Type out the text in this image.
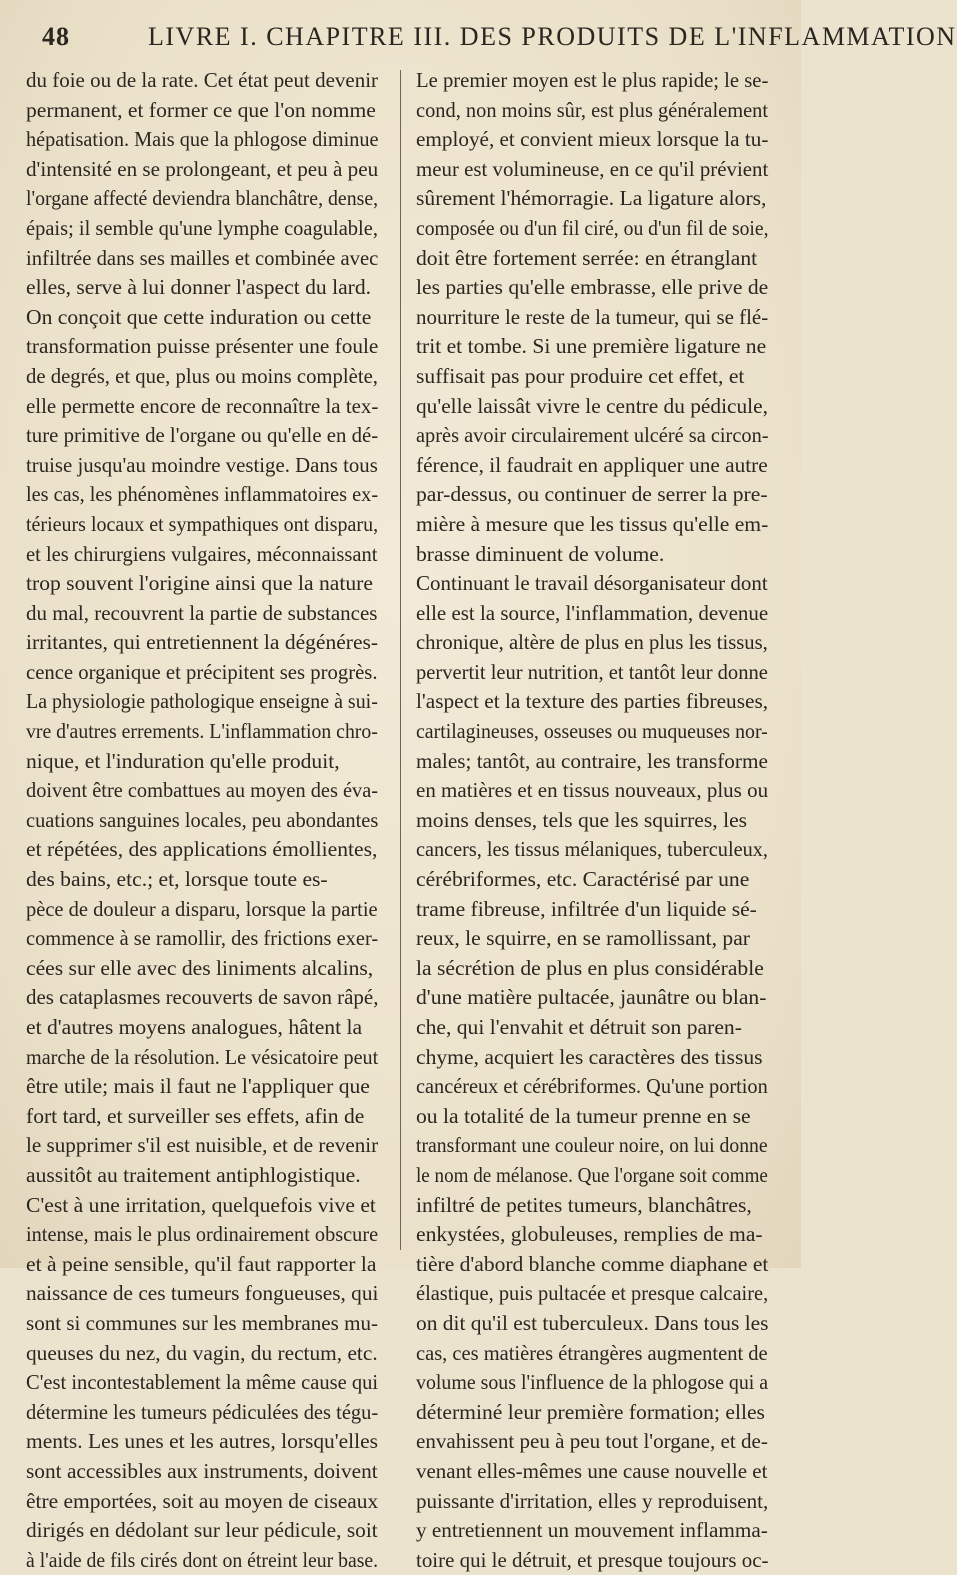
48	LIVRE I. CHAPITRE III. DES PRODUITS DE L'INFLAMMATION
du foie ou de la rate. Cet état peut devenir
permanent, et former ce que l'on nomme
hépatisation. Mais que la phlogose diminue
d'intensité en se prolongeant, et peu à peu
l'organe affecté deviendra blanchâtre, dense,
épais; il semble qu'une lymphe coagulable,
infiltrée dans ses mailles et combinée avec
elles, serve à lui donner l'aspect du lard.
On conçoit que cette induration ou cette
transformation puisse présenter une foule
de degrés, et que, plus ou moins complète,
elle permette encore de reconnaître la tex-
ture primitive de l'organe ou qu'elle en dé-
truise jusqu'au moindre vestige. Dans tous
les cas, les phénomènes inflammatoires ex-
térieurs locaux et sympathiques ont disparu,
et les chirurgiens vulgaires, méconnaissant
trop souvent l'origine ainsi que la nature
du mal, recouvrent la partie de substances
irritantes, qui entretiennent la dégénéres-
cence organique et précipitent ses progrès.
La physiologie pathologique enseigne à sui-
vre d'autres errements. L'inflammation chro-
nique, et l'induration qu'elle produit,
doivent être combattues au moyen des éva-
cuations sanguines locales, peu abondantes
et répétées, des applications émollientes,
des bains, etc.; et, lorsque toute es-
pèce de douleur a disparu, lorsque la partie
commence à se ramollir, des frictions exer-
cées sur elle avec des liniments alcalins,
des cataplasmes recouverts de savon râpé,
et d'autres moyens analogues, hâtent la
marche de la résolution. Le vésicatoire peut
être utile; mais il faut ne l'appliquer que
fort tard, et surveiller ses effets, afin de
le supprimer s'il est nuisible, et de revenir
aussitôt au traitement antiphlogistique.
C'est à une irritation, quelquefois vive et
intense, mais le plus ordinairement obscure
et à peine sensible, qu'il faut rapporter la
naissance de ces tumeurs fongueuses, qui
sont si communes sur les membranes mu-
queuses du nez, du vagin, du rectum, etc.
C'est incontestablement la même cause qui
détermine les tumeurs pédiculées des tégu-
ments. Les unes et les autres, lorsqu'elles
sont accessibles aux instruments, doivent
être emportées, soit au moyen de ciseaux
dirigés en dédolant sur leur pédicule, soit
à l'aide de fils cirés dont on étreint leur base.
Le premier moyen est le plus rapide; le se-
cond, non moins sûr, est plus généralement
employé, et convient mieux lorsque la tu-
meur est volumineuse, en ce qu'il prévient
sûrement l'hémorragie. La ligature alors,
composée ou d'un fil ciré, ou d'un fil de soie,
doit être fortement serrée: en étranglant
les parties qu'elle embrasse, elle prive de
nourriture le reste de la tumeur, qui se flé-
trit et tombe. Si une première ligature ne
suffisait pas pour produire cet effet, et
qu'elle laissât vivre le centre du pédicule,
après avoir circulairement ulcéré sa circon-
férence, il faudrait en appliquer une autre
par-dessus, ou continuer de serrer la pre-
mière à mesure que les tissus qu'elle em-
brasse diminuent de volume.
Continuant le travail désorganisateur dont
elle est la source, l'inflammation, devenue
chronique, altère de plus en plus les tissus,
pervertit leur nutrition, et tantôt leur donne
l'aspect et la texture des parties fibreuses,
cartilagineuses, osseuses ou muqueuses nor-
males; tantôt, au contraire, les transforme
en matières et en tissus nouveaux, plus ou
moins denses, tels que les squirres, les
cancers, les tissus mélaniques, tuberculeux,
cérébriformes, etc. Caractérisé par une
trame fibreuse, infiltrée d'un liquide sé-
reux, le squirre, en se ramollissant, par
la sécrétion de plus en plus considérable
d'une matière pultacée, jaunâtre ou blan-
che, qui l'envahit et détruit son paren-
chyme, acquiert les caractères des tissus
cancéreux et cérébriformes. Qu'une portion
ou la totalité de la tumeur prenne en se
transformant une couleur noire, on lui donne
le nom de mélanose. Que l'organe soit comme
infiltré de petites tumeurs, blanchâtres,
enkystées, globuleuses, remplies de ma-
tière d'abord blanche comme diaphane et
élastique, puis pultacée et presque calcaire,
on dit qu'il est tuberculeux. Dans tous les
cas, ces matières étrangères augmentent de
volume sous l'influence de la phlogose qui a
déterminé leur première formation; elles
envahissent peu à peu tout l'organe, et de-
venant elles-mêmes une cause nouvelle et
puissante d'irritation, elles y reproduisent,
y entretiennent un mouvement inflamma-
toire qui le détruit, et presque toujours oc-
